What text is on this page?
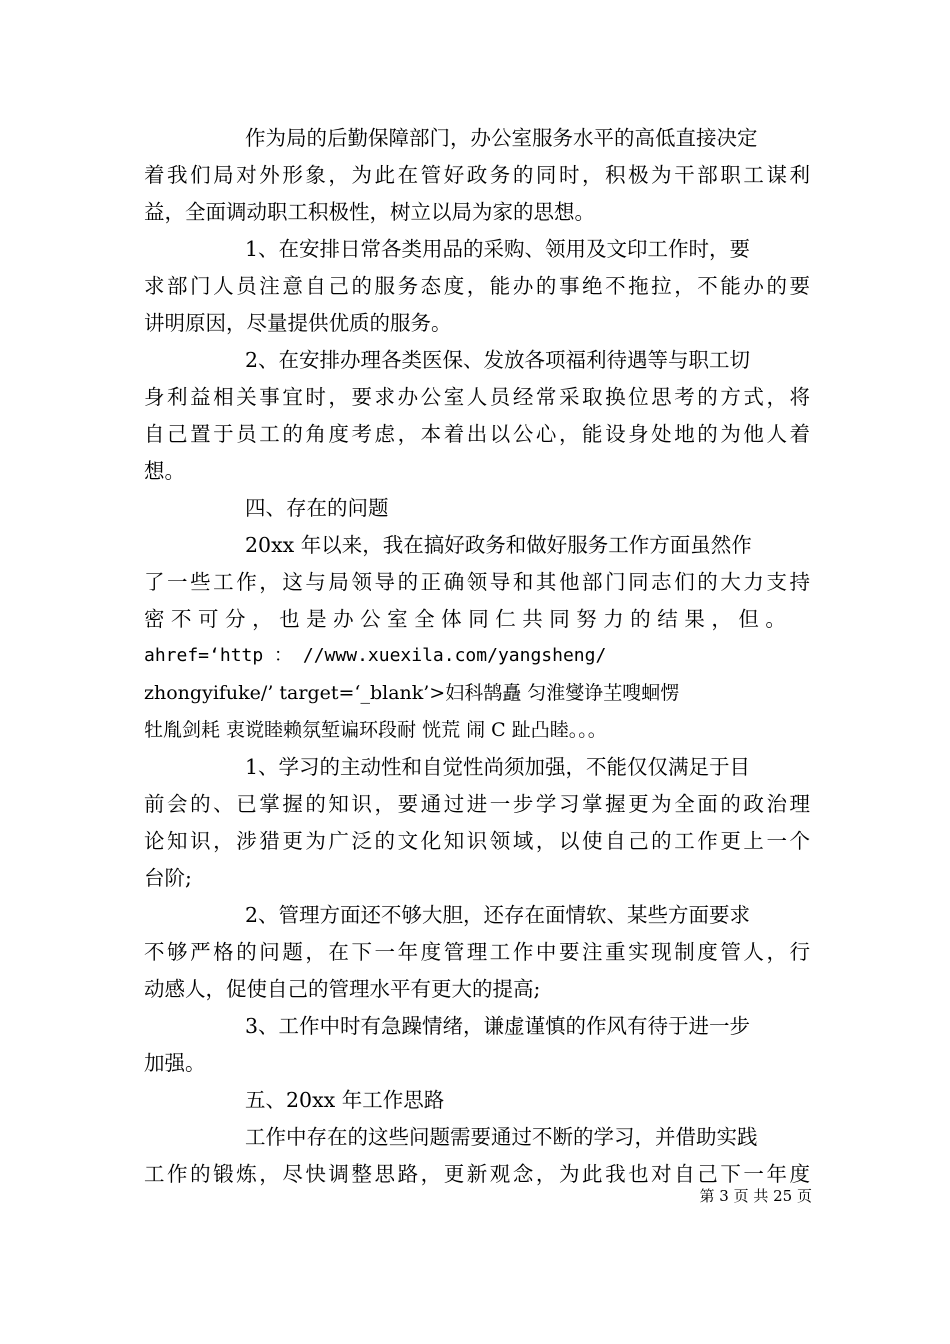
作为局的后勤保障部门，办公室服务水平的高低直接决定
着我们局对外形象，为此在管好政务的同时，积极为干部职工谋利
益，全面调动职工积极性，树立以局为家的思想。
1、在安排日常各类用品的采购、领用及文印工作时，要
求部门人员注意自己的服务态度，能办的事绝不拖拉，不能办的要
讲明原因，尽量提供优质的服务。
2、在安排办理各类医保、发放各项福利待遇等与职工切
身利益相关事宜时，要求办公室人员经常采取换位思考的方式，将
自己置于员工的角度考虑，本着出以公心，能设身处地的为他人着
想。
四、存在的问题
20xx 年以来，我在搞好政务和做好服务工作方面虽然作
了一些工作，这与局领导的正确领导和其他部门同志们的大力支持
密 不 可 分 ， 也 是 办 公 室 全 体 同 仁 共 同 努 力 的 结 果 ， 但 。
ahref=‘http ： //www.xuexila.com/yangsheng/
zhongyifuke/’ target=‘_blank’>妇科鹄矗 匀淮燮诤芏嗖蛔愣
牡胤剑耗 衷谠睦赖氛堑谝环段耐 恍荒 闹 C 趾凸睦。。。
1、学习的主动性和自觉性尚须加强，不能仅仅满足于目
前会的、已掌握的知识，要通过进一步学习掌握更为全面的政治理
论知识，涉猎更为广泛的文化知识领域，以使自己的工作更上一个
台阶;
2、管理方面还不够大胆，还存在面情软、某些方面要求
不够严格的问题，在下一年度管理工作中要注重实现制度管人，行
动感人，促使自己的管理水平有更大的提高;
3、工作中时有急躁情绪，谦虚谨慎的作风有待于进一步
加强。
五、20xx 年工作思路
工作中存在的这些问题需要通过不断的学习，并借助实践
工作的锻炼，尽快调整思路，更新观念，为此我也对自己下一年度
第 3 页 共 25 页
